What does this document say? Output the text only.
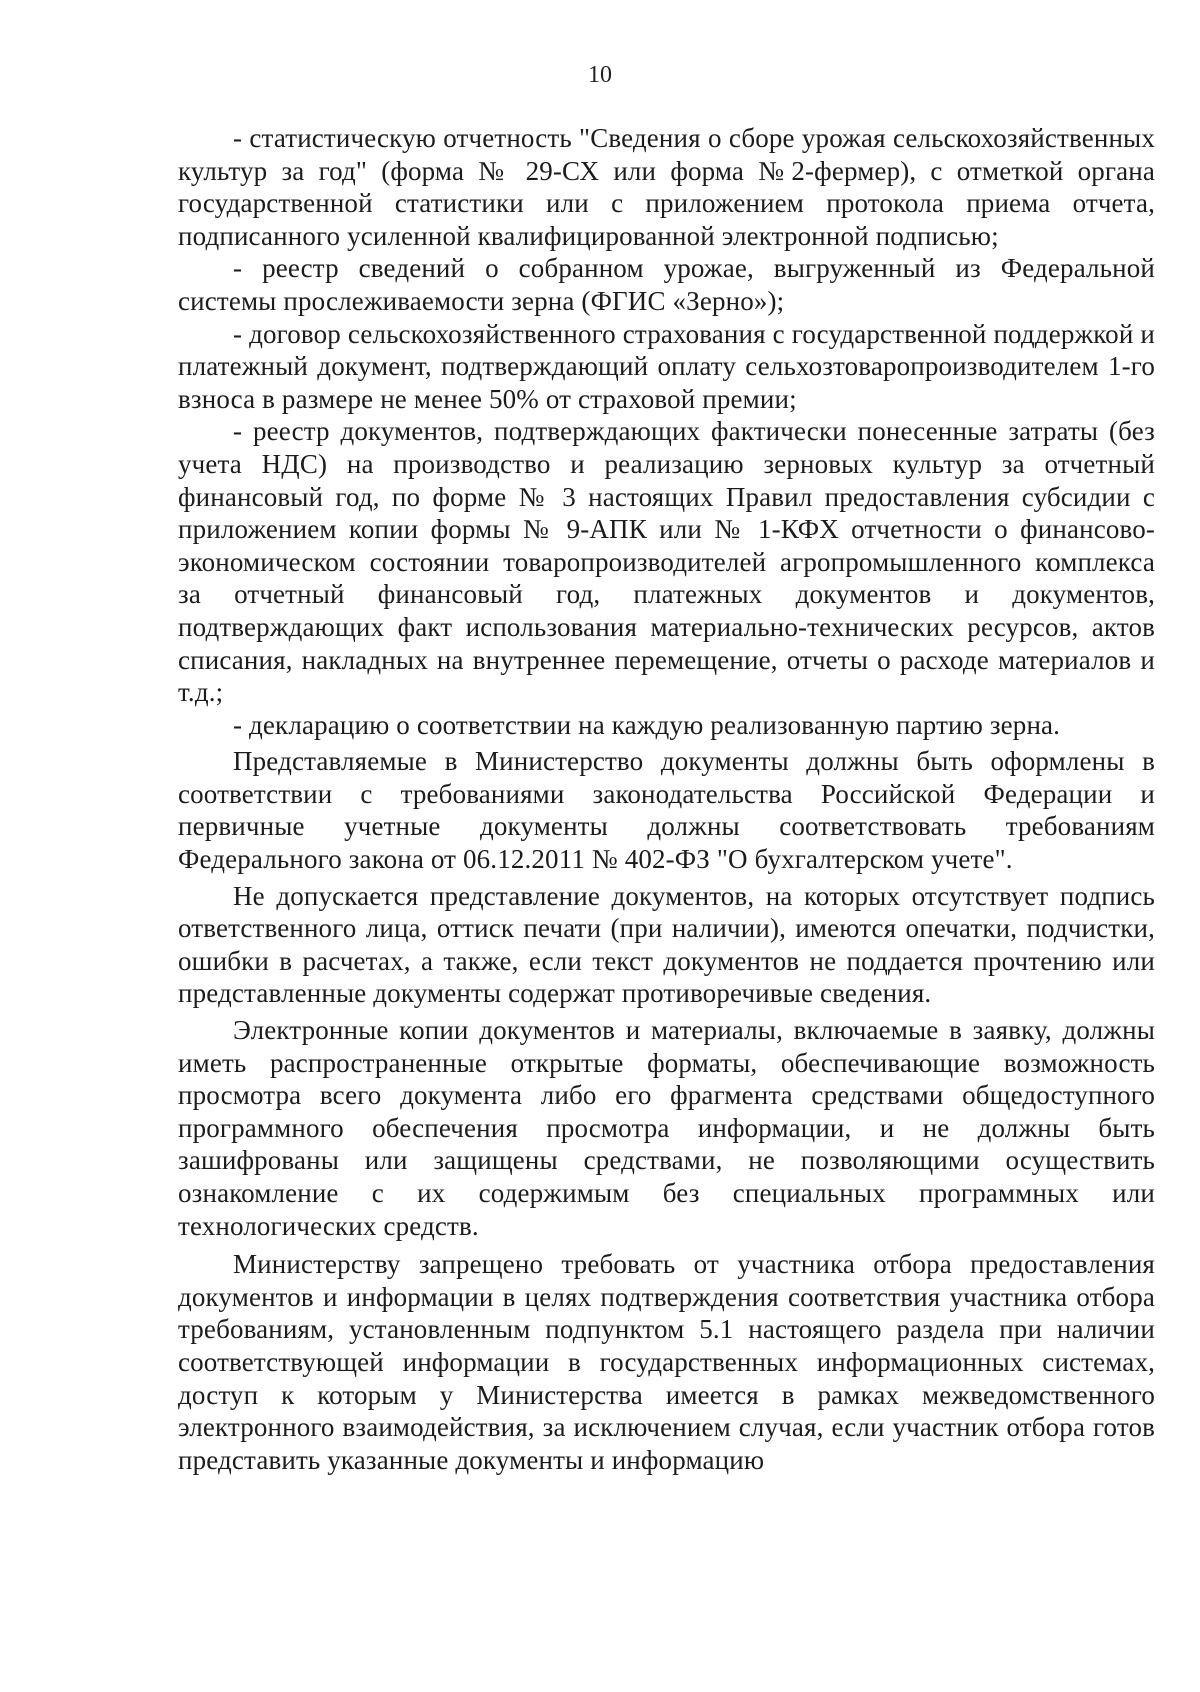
10

- статистическую отчетность "Сведения о сборе урожая сельскохозяйственных культур за год" (форма № 29-СХ или форма №2-фермер), с отметкой органа государственной статистики или с приложением протокола приема отчета, подписанного усиленной квалифицированной электронной подписью;

- реестр сведений о собранном урожае, выгруженный из Федеральной системы прослеживаемости зерна (ФГИС «Зерно»);

- договор сельскохозяйственного страхования с государственной поддержкой и платежный документ, подтверждающий оплату сельхозтоваропроизводителем 1-го взноса в размере не менее 50% от страховой премии;

- реестр документов, подтверждающих фактически понесенные затраты (без учета НДС) на производство и реализацию зерновых культур за отчетный финансовый год, по форме № 3 настоящих Правил предоставления субсидии с приложением копии формы № 9-АПК или № 1-КФХ отчетности о финансово-экономическом состоянии товаропроизводителей агропромышленного комплекса за отчетный финансовый год, платежных документов и документов, подтверждающих факт использования материально-технических ресурсов, актов списания, накладных на внутреннее перемещение, отчеты о расходе материалов и т.д.;

- декларацию о соответствии на каждую реализованную партию зерна.

Представляемые в Министерство документы должны быть оформлены в соответствии с требованиями законодательства Российской Федерации и первичные учетные документы должны соответствовать требованиям Федерального закона от 06.12.2011 № 402-ФЗ "О бухгалтерском учете".

Не допускается представление документов, на которых отсутствует подпись ответственного лица, оттиск печати (при наличии), имеются опечатки, подчистки, ошибки в расчетах, а также, если текст документов не поддается прочтению или представленные документы содержат противоречивые сведения.

Электронные копии документов и материалы, включаемые в заявку, должны иметь распространенные открытые форматы, обеспечивающие возможность просмотра всего документа либо его фрагмента средствами общедоступного программного обеспечения просмотра информации, и не должны быть зашифрованы или защищены средствами, не позволяющими осуществить ознакомление с их содержимым без специальных программных или технологических средств.

Министерству запрещено требовать от участника отбора предоставления документов и информации в целях подтверждения соответствия участника отбора требованиям, установленным подпунктом 5.1 настоящего раздела при наличии соответствующей информации в государственных информационных системах, доступ к которым у Министерства имеется в рамках межведомственного электронного взаимодействия, за исключением случая, если участник отбора готов представить указанные документы и информацию
